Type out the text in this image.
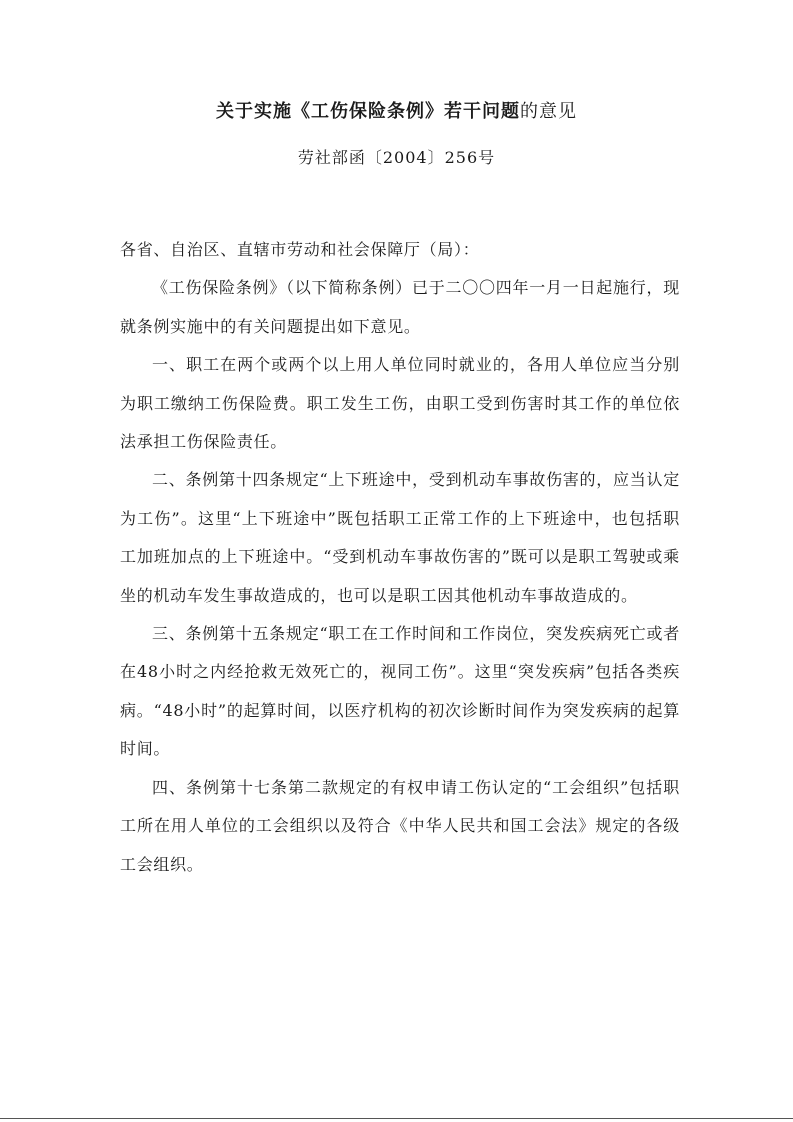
关于实施《工伤保险条例》若干问题的意见
劳社部函〔2004〕256号

各省、自治区、直辖市劳动和社会保障厅（局）：

《工伤保险条例》（以下简称条例）已于二〇〇四年一月一日起施行，现就条例实施中的有关问题提出如下意见。

一、职工在两个或两个以上用人单位同时就业的，各用人单位应当分别为职工缴纳工伤保险费。职工发生工伤，由职工受到伤害时其工作的单位依法承担工伤保险责任。

二、条例第十四条规定“上下班途中，受到机动车事故伤害的，应当认定为工伤”。这里“上下班途中”既包括职工正常工作的上下班途中，也包括职工加班加点的上下班途中。“受到机动车事故伤害的”既可以是职工驾驶或乘坐的机动车发生事故造成的，也可以是职工因其他机动车事故造成的。

三、条例第十五条规定“职工在工作时间和工作岗位，突发疾病死亡或者在48小时之内经抢救无效死亡的，视同工伤”。这里“突发疾病”包括各类疾病。“48小时”的起算时间，以医疗机构的初次诊断时间作为突发疾病的起算时间。

四、条例第十七条第二款规定的有权申请工伤认定的“工会组织”包括职工所在用人单位的工会组织以及符合《中华人民共和国工会法》规定的各级工会组织。
